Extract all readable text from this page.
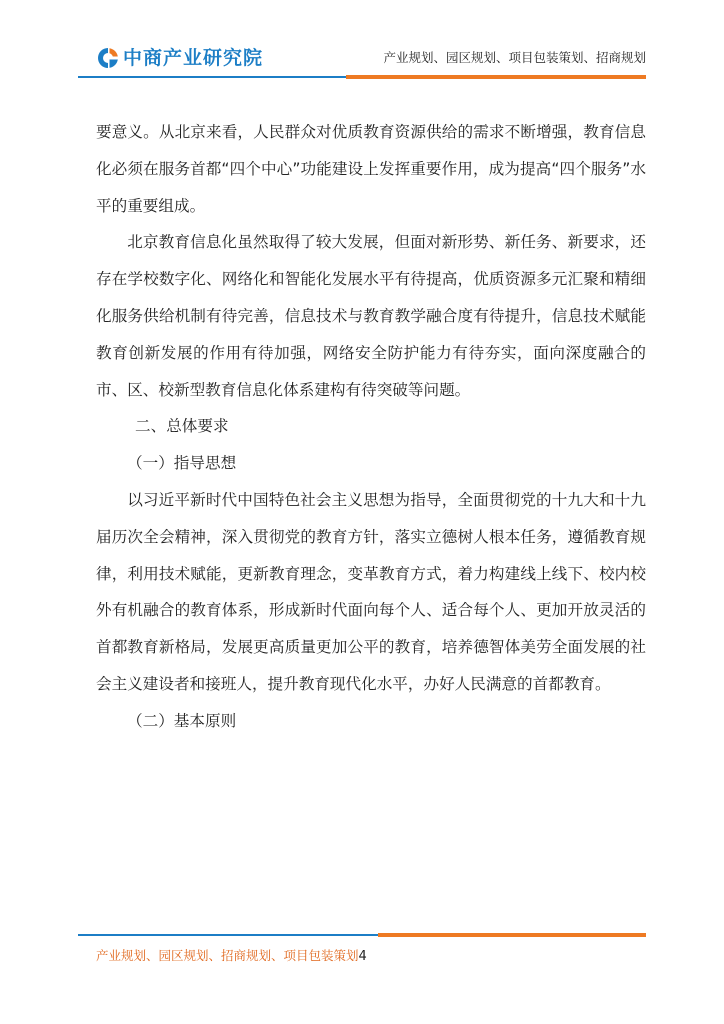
中商产业研究院	产业规划、园区规划、项目包装策划、招商规划

要意义。从北京来看，人民群众对优质教育资源供给的需求不断增强，教育信息化必须在服务首都“四个中心”功能建设上发挥重要作用，成为提高“四个服务”水平的重要组成。

北京教育信息化虽然取得了较大发展，但面对新形势、新任务、新要求，还存在学校数字化、网络化和智能化发展水平有待提高，优质资源多元汇聚和精细化服务供给机制有待完善，信息技术与教育教学融合度有待提升，信息技术赋能教育创新发展的作用有待加强，网络安全防护能力有待夯实，面向深度融合的市、区、校新型教育信息化体系建构有待突破等问题。

二、总体要求

（一）指导思想

以习近平新时代中国特色社会主义思想为指导，全面贯彻党的十九大和十九届历次全会精神，深入贯彻党的教育方针，落实立德树人根本任务，遵循教育规律，利用技术赋能，更新教育理念，变革教育方式，着力构建线上线下、校内校外有机融合的教育体系，形成新时代面向每个人、适合每个人、更加开放灵活的首都教育新格局，发展更高质量更加公平的教育，培养德智体美劳全面发展的社会主义建设者和接班人，提升教育现代化水平，办好人民满意的首都教育。

（二）基本原则

产业规划、园区规划、招商规划、项目包装策划4
